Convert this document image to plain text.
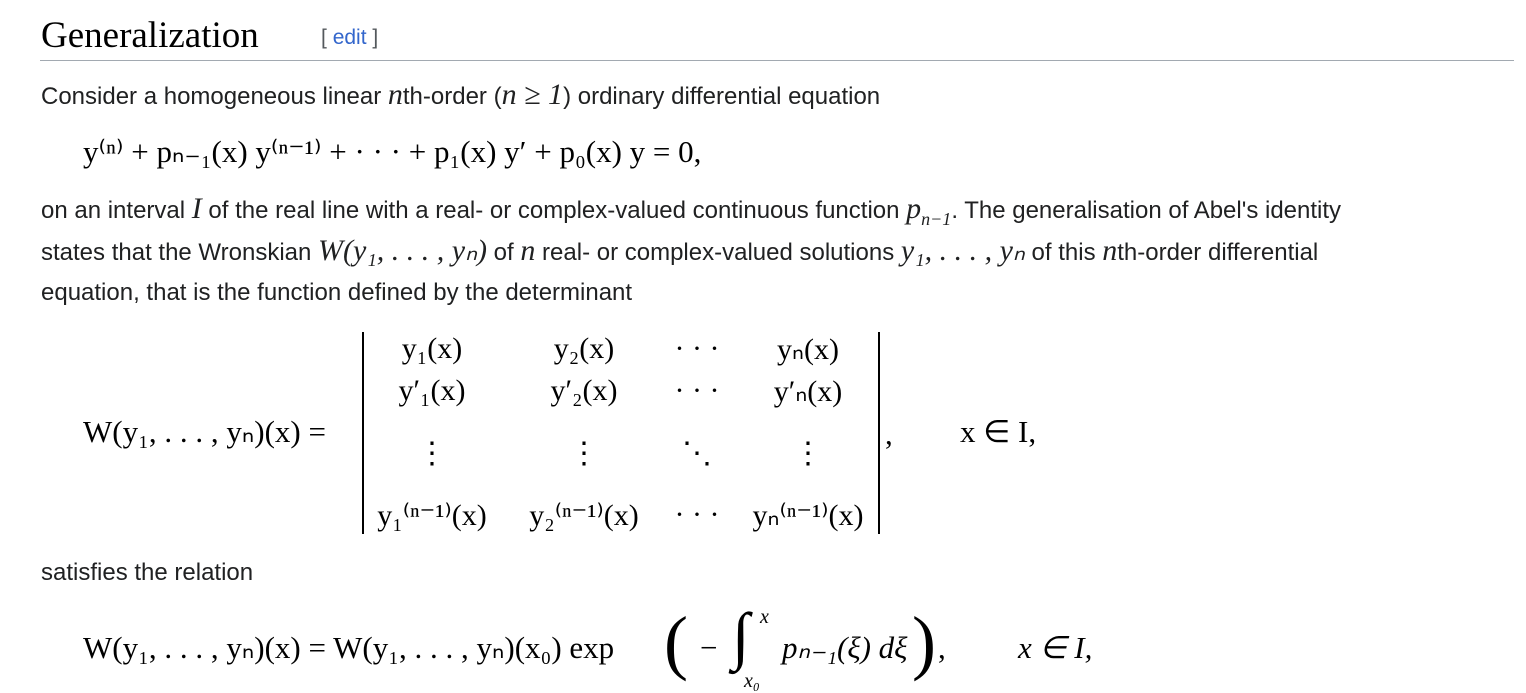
Generalization	[ edit ]

Consider a homogeneous linear nth-order (n ≥ 1) ordinary differential equation

y⁽ⁿ⁾ + pₙ₋₁(x) y⁽ⁿ⁻¹⁾ + · · · + p₁(x) y′ + p₀(x) y = 0,

on an interval I of the real line with a real- or complex-valued continuous function $p_{n-1}$. The generalisation of Abel's identity

states that the Wronskian W(y₁, . . . , yₙ) of n real- or complex-valued solutions y₁, . . . , yₙ of this nth-order differential

equation, that is the function defined by the determinant

W(y₁, . . . , yₙ)(x) =
y₁(x)	y₂(x)	· · ·	yₙ(x)
y′₁(x)	y′₂(x)	· · ·	y′ₙ(x)
⋮	⋮	⋱	⋮
y₁⁽ⁿ⁻¹⁾(x)	y₂⁽ⁿ⁻¹⁾(x)	· · ·	yₙ⁽ⁿ⁻¹⁾(x)
, x ∈ I,

satisfies the relation

W(y₁, . . . , yₙ)(x) = W(y₁, . . . , yₙ)(x₀) exp ( − ∫ x
x₀
pₙ₋₁(ξ) dξ ) , x ∈ I,
